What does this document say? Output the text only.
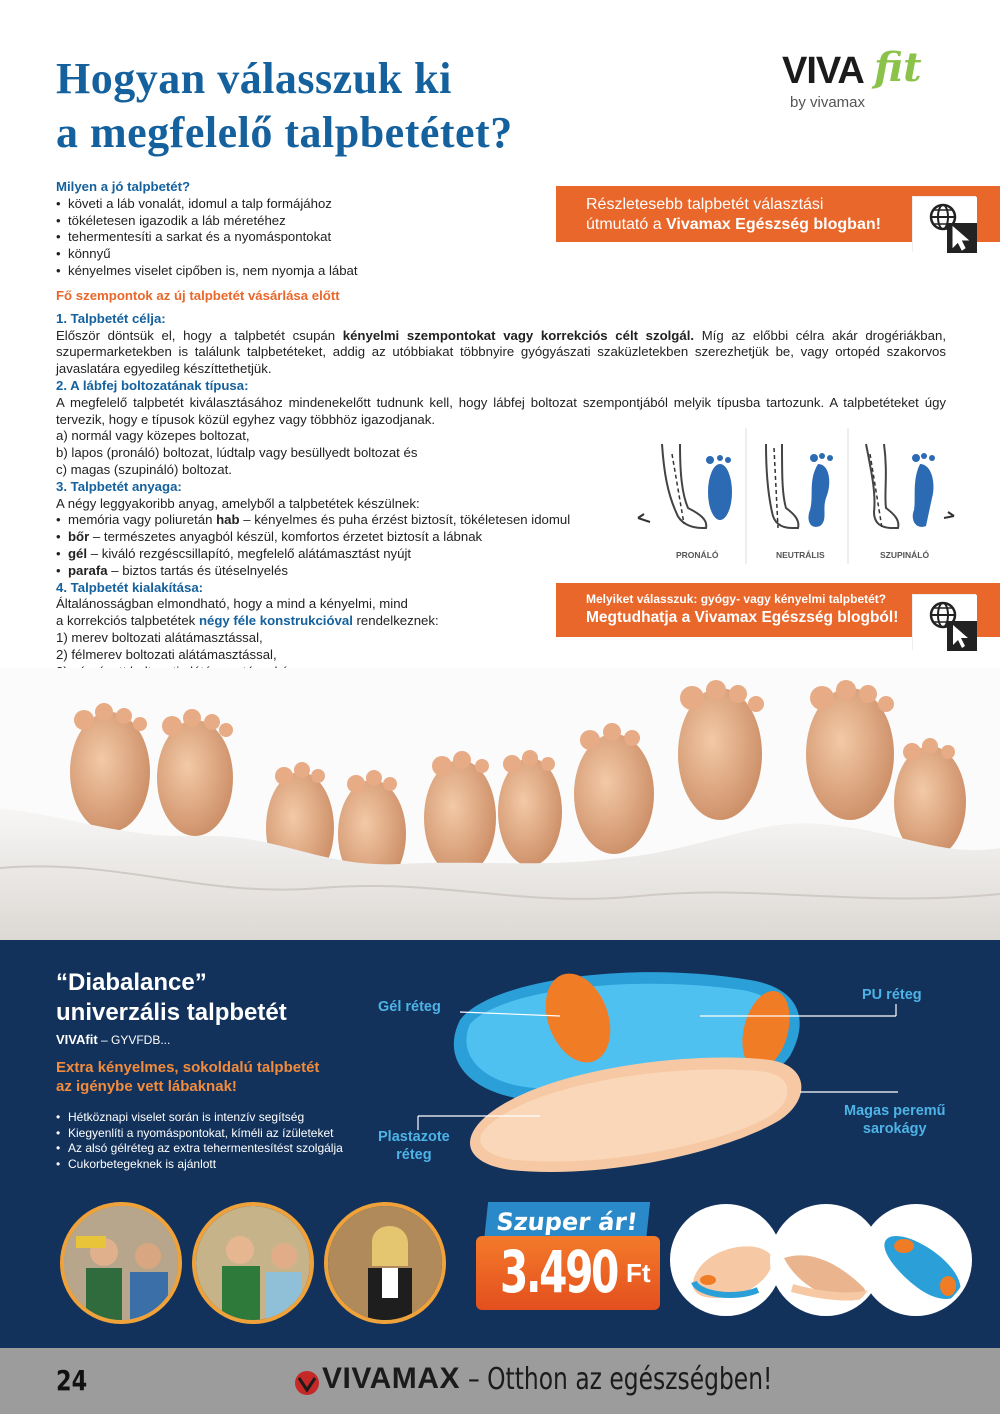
Hogyan válasszuk ki
a megfelelő talpbetétet?
VIVA fit
by vivamax
Milyen a jó talpbetét?
• követi a láb vonalát, idomul a talp formájához
• tökéletesen igazodik a láb méretéhez
• tehermentesíti a sarkat és a nyomáspontokat
• könnyű
• kényelmes viselet cipőben is, nem nyomja a lábat
Részletesebb talpbetét választási
útmutató a Vivamax Egészség blogban!
Fő szempontok az új talpbetét vásárlása előtt
1. Talpbetét célja:
Először döntsük el, hogy a talpbetét csupán kényelmi szempontokat vagy korrekciós célt szolgál. Míg az előbbi célra akár drogériákban, szupermarketekben is találunk talpbetéteket, addig az utóbbiakat többnyire gyógyászati szaküzletekben szerezhetjük be, vagy ortopéd szakorvos javaslatára egyedileg készíttethetjük.
2. A lábfej boltozatának típusa:
A megfelelő talpbetét kiválasztásához mindenekelőtt tudnunk kell, hogy lábfej boltozat szempontjából melyik típusba tartozunk. A talpbetéteket úgy tervezik, hogy e típusok közül egyhez vagy többhöz igazodjanak.
a) normál vagy közepes boltozat,
b) lapos (pronáló) boltozat, lúdtalp vagy besüllyedt boltozat és
c) magas (szupináló) boltozat.
3. Talpbetét anyaga:
A négy leggyakoribb anyag, amelyből a talpbetétek készülnek:
• memória vagy poliuretán hab – kényelmes és puha érzést biztosít, tökéletesen idomul
• bőr – természetes anyagból készül, komfortos érzetet biztosít a lábnak
• gél – kiváló rezgéscsillapító, megfelelő alátámasztást nyújt
• parafa – biztos tartás és ütéselnyelés
4. Talpbetét kialakítása:
Általánosságban elmondható, hogy a mind a kényelmi, mind
a korrekciós talpbetétek négy féle konstrukcióval rendelkeznek:
1) merev boltozati alátámasztással,
2) félmerev boltozati alátámasztással,
PRONÁLÓ	NEUTRÁLIS	SZUPINÁLÓ
Melyiket válasszuk: gyógy- vagy kényelmi talpbetét?
Megtudhatja a Vivamax Egészség blogból!
“Diabalance”
univerzális talpbetét
VIVAfit – GYVFDB...
Extra kényelmes, sokoldalú talpbetét
az igénybe vett lábaknak!
• Hétköznapi viselet során is intenzív segítség
• Kiegyenlíti a nyomáspontokat, kíméli az ízületeket
• Az alsó gélréteg az extra tehermentesítést szolgálja
• Cukorbetegeknek is ajánlott
Gél réteg
PU réteg
Plastazote
réteg
Magas peremű
sarokágy
Szuper ár!
3.490 Ft
24	VIVAMAX – Otthon az egészségben!
